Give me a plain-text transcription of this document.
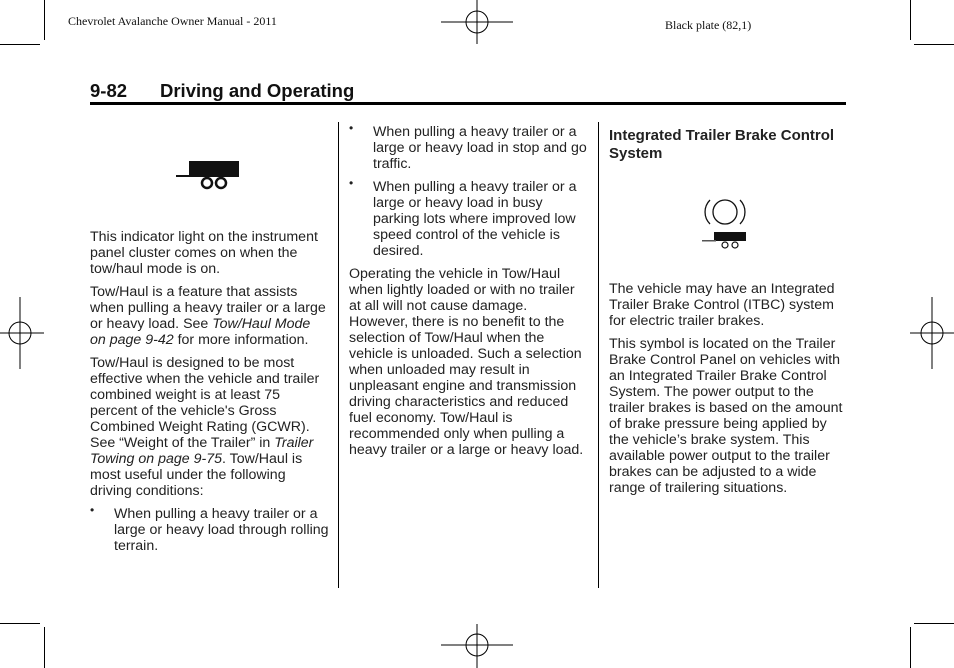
Chevrolet Avalanche Owner Manual - 2011	Black plate (82,1)
9-82 Driving and Operating

This indicator light on the instrument panel cluster comes on when the tow/haul mode is on.

Tow/Haul is a feature that assists when pulling a heavy trailer or a large or heavy load. See Tow/Haul Mode on page 9‑42 for more information.

Tow/Haul is designed to be most effective when the vehicle and trailer combined weight is at least 75 percent of the vehicle's Gross Combined Weight Rating (GCWR). See “Weight of the Trailer” in Trailer Towing on page 9‑75. Tow/Haul is most useful under the following driving conditions:

• When pulling a heavy trailer or a large or heavy load through rolling terrain.
• When pulling a heavy trailer or a large or heavy load in stop and go traffic.
• When pulling a heavy trailer or a large or heavy load in busy parking lots where improved low speed control of the vehicle is desired.

Operating the vehicle in Tow/Haul when lightly loaded or with no trailer at all will not cause damage. However, there is no benefit to the selection of Tow/Haul when the vehicle is unloaded. Such a selection when unloaded may result in unpleasant engine and transmission driving characteristics and reduced fuel economy. Tow/Haul is recommended only when pulling a heavy trailer or a large or heavy load.

Integrated Trailer Brake Control System

The vehicle may have an Integrated Trailer Brake Control (ITBC) system for electric trailer brakes.

This symbol is located on the Trailer Brake Control Panel on vehicles with an Integrated Trailer Brake Control System. The power output to the trailer brakes is based on the amount of brake pressure being applied by the vehicle’s brake system. This available power output to the trailer brakes can be adjusted to a wide range of trailering situations.
